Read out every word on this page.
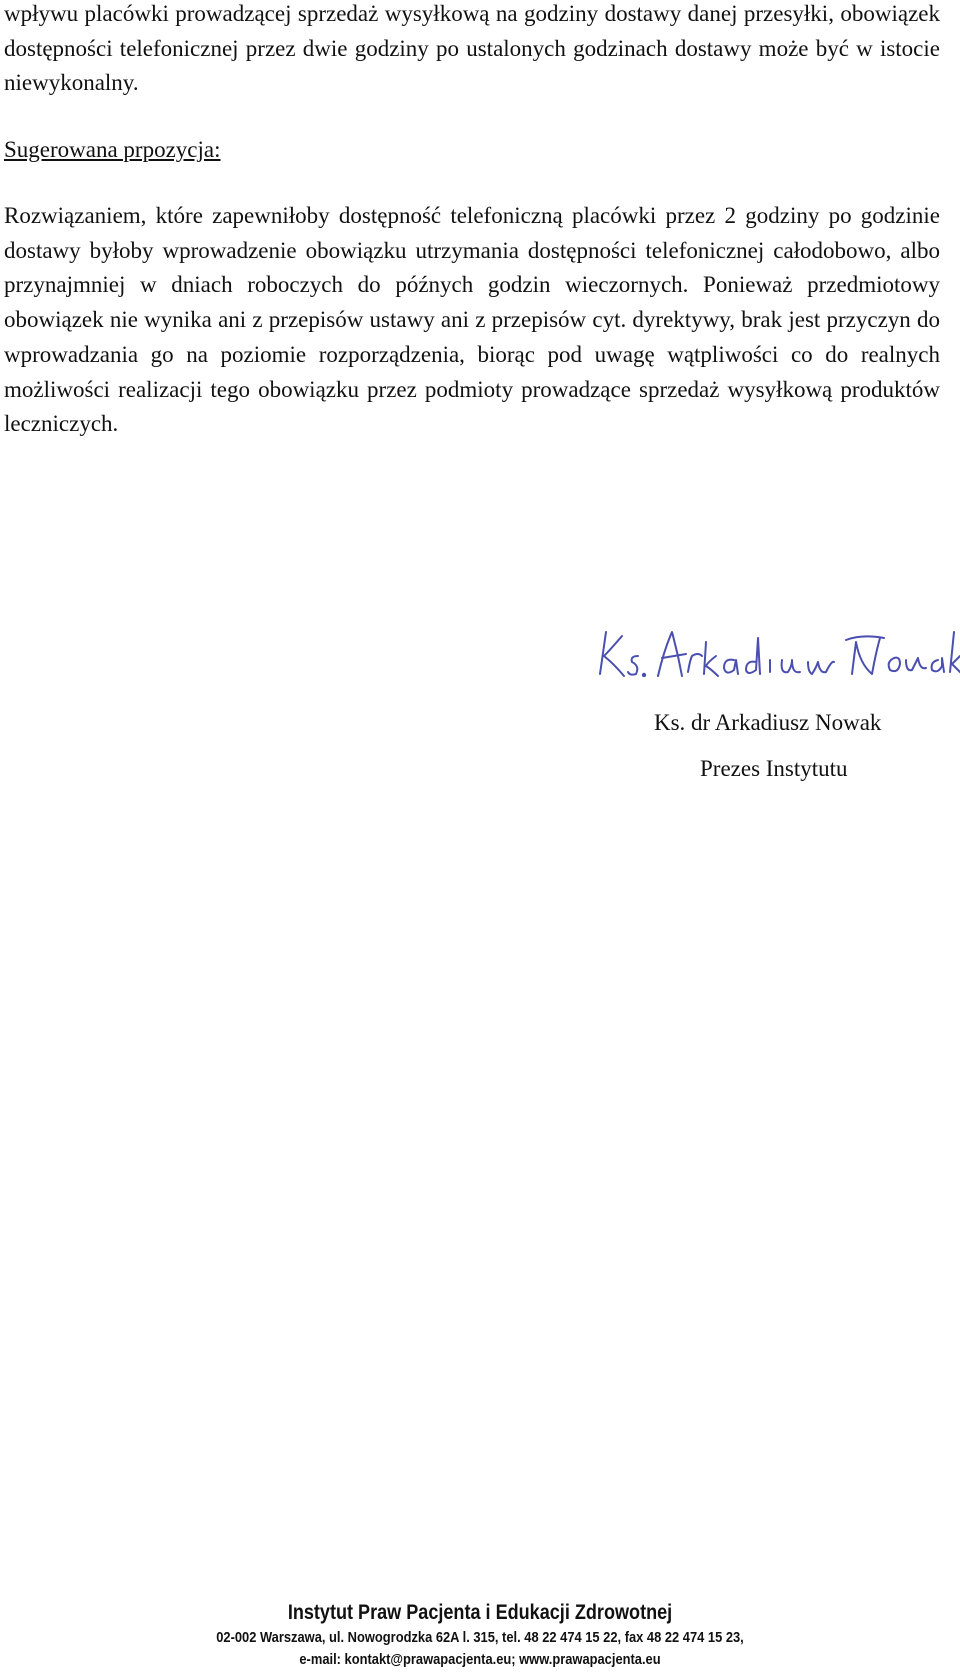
wpływu placówki prowadzącej sprzedaż wysyłkową na godziny dostawy danej przesyłki, obowiązek dostępności telefonicznej przez dwie godziny po ustalonych godzinach dostawy może być w istocie niewykonalny.

Sugerowana prpozycja:

Rozwiązaniem, które zapewniłoby dostępność telefoniczną placówki przez 2 godziny po godzinie dostawy byłoby wprowadzenie obowiązku utrzymania dostępności telefonicznej całodobowo, albo przynajmniej w dniach roboczych do późnych godzin wieczornych. Ponieważ przedmiotowy obowiązek nie wynika ani z przepisów ustawy ani z przepisów cyt. dyrektywy, brak jest przyczyn do wprowadzania go na poziomie rozporządzenia, biorąc pod uwagę wątpliwości co do realnych możliwości realizacji tego obowiązku przez podmioty prowadzące sprzedaż wysyłkową produktów leczniczych.

Ks. dr Arkadiusz Nowak

Prezes Instytutu

Instytut Praw Pacjenta i Edukacji Zdrowotnej

02-002 Warszawa, ul. Nowogrodzka 62A l. 315, tel. 48 22 474 15 22, fax 48 22 474 15 23,

e-mail: kontakt@prawapacjenta.eu; www.prawapacjenta.eu
